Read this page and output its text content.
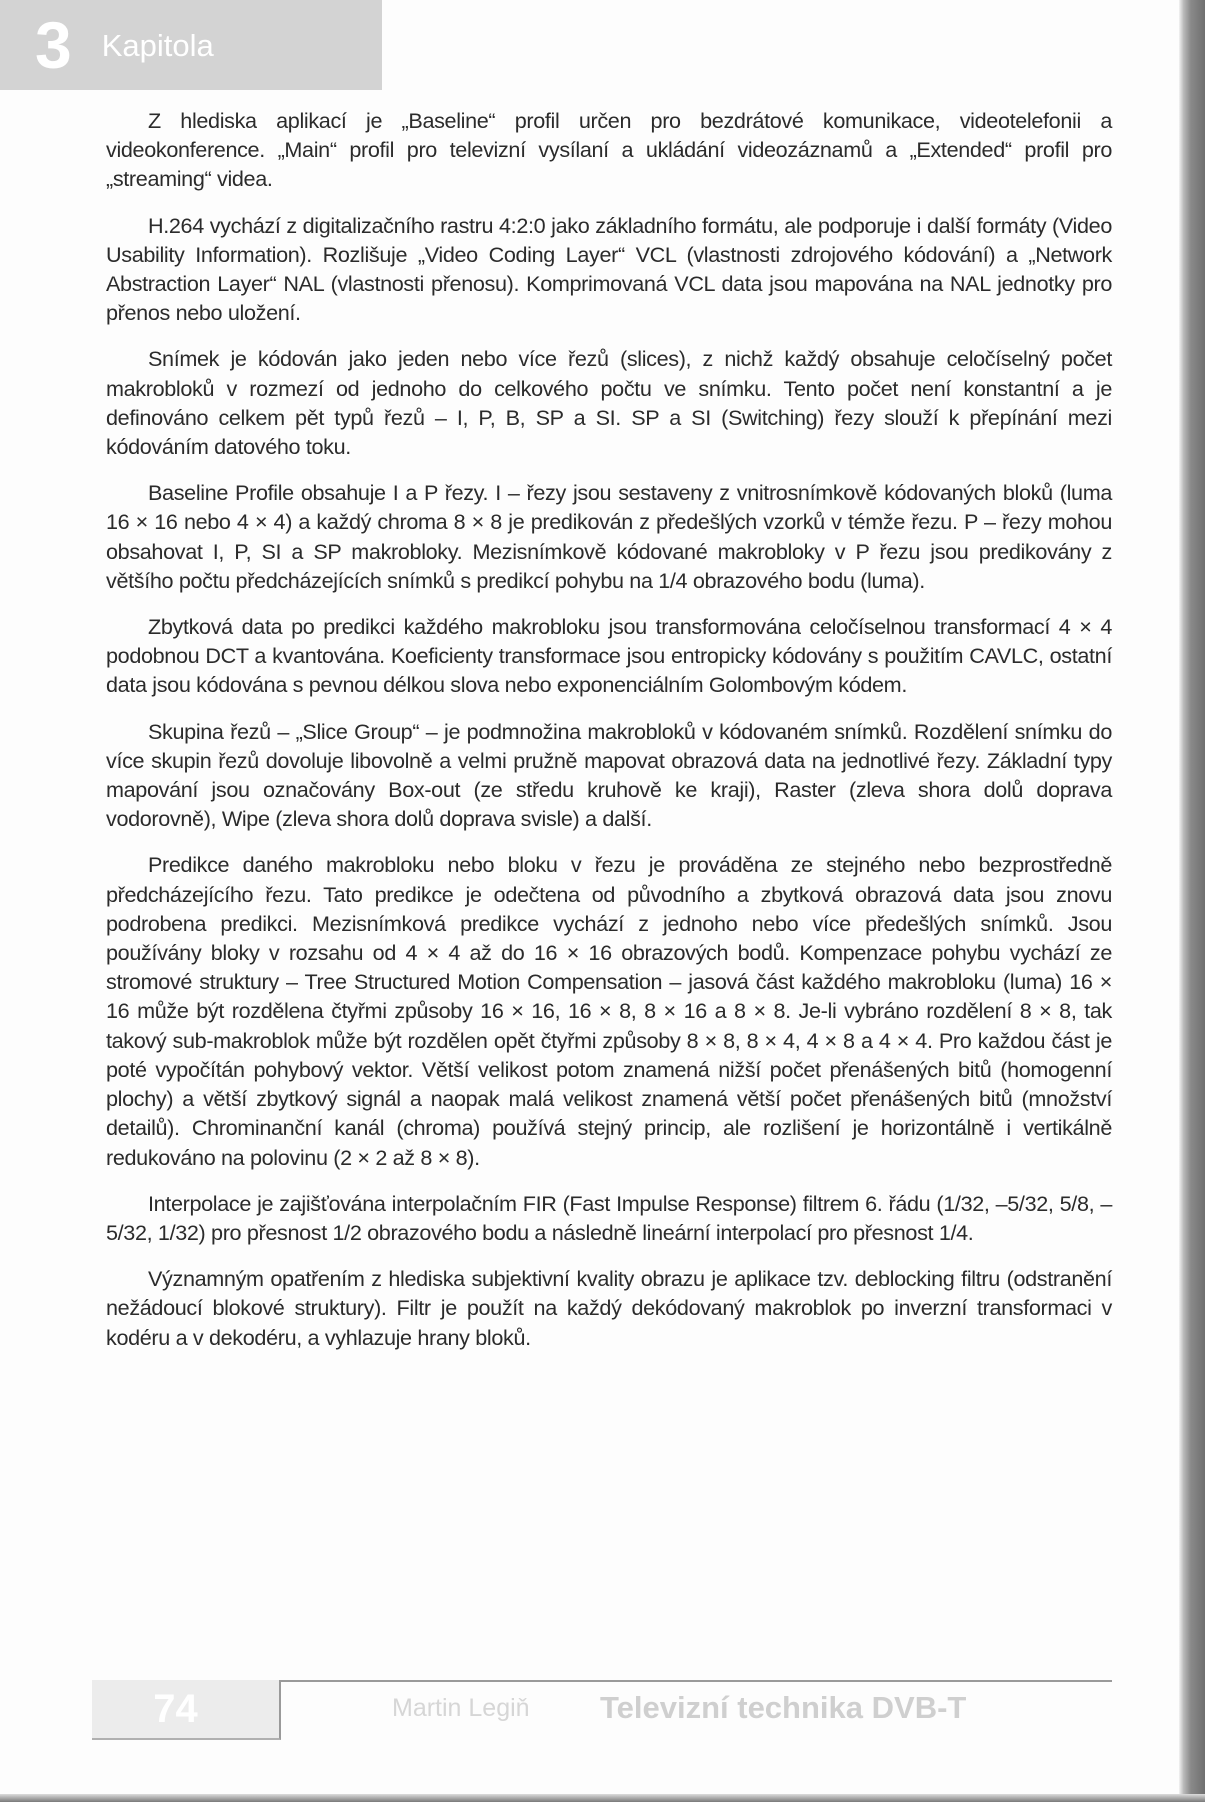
3 Kapitola

Z hlediska aplikací je „Baseline“ profil určen pro bezdrátové komunikace, videotelefonii a videokonference. „Main“ profil pro televizní vysílaní a ukládání videozáznamů a „Extended“ profil pro „streaming“ videa.

H.264 vychází z digitalizačního rastru 4:2:0 jako základního formátu, ale podporuje i další formáty (Video Usability Information). Rozlišuje „Video Coding Layer“ VCL (vlastnosti zdrojového kódování) a „Network Abstraction Layer“ NAL (vlastnosti přenosu). Komprimovaná VCL data jsou mapována na NAL jednotky pro přenos nebo uložení.

Snímek je kódován jako jeden nebo více řezů (slices), z nichž každý obsahuje celočíselný počet makrobloků v rozmezí od jednoho do celkového počtu ve snímku. Tento počet není konstantní a je definováno celkem pět typů řezů – I, P, B, SP a SI. SP a SI (Switching) řezy slouží k přepínání mezi kódováním datového toku.

Baseline Profile obsahuje I a P řezy. I – řezy jsou sestaveny z vnitrosnímkově kódovaných bloků (luma 16 × 16 nebo 4 × 4) a každý chroma 8 × 8 je predikován z předešlých vzorků v témže řezu. P – řezy mohou obsahovat I, P, SI a SP makrobloky. Mezisnímkově kódované makrobloky v P řezu jsou predikovány z většího počtu předcházejících snímků s predikcí pohybu na 1/4 obrazového bodu (luma).

Zbytková data po predikci každého makrobloku jsou transformována celočíselnou transformací 4 × 4 podobnou DCT a kvantována. Koeficienty transformace jsou entropicky kódovány s použitím CAVLC, ostatní data jsou kódována s pevnou délkou slova nebo exponenciálním Golombovým kódem.

Skupina řezů – „Slice Group“ – je podmnožina makrobloků v kódovaném snímků. Rozdělení snímku do více skupin řezů dovoluje libovolně a velmi pružně mapovat obrazová data na jednotlivé řezy. Základní typy mapování jsou označovány Box-out (ze středu kruhově ke kraji), Raster (zleva shora dolů doprava vodorovně), Wipe (zleva shora dolů doprava svisle) a další.

Predikce daného makrobloku nebo bloku v řezu je prováděna ze stejného nebo bezprostředně předcházejícího řezu. Tato predikce je odečtena od původního a zbytková obrazová data jsou znovu podrobena predikci. Mezisnímková predikce vychází z jednoho nebo více předešlých snímků. Jsou používány bloky v rozsahu od 4 × 4 až do 16 × 16 obrazových bodů. Kompenzace pohybu vychází ze stromové struktury – Tree Structured Motion Compensation – jasová část každého makrobloku (luma) 16 × 16 může být rozdělena čtyřmi způsoby 16 × 16, 16 × 8, 8 × 16 a 8 × 8. Je-li vybráno rozdělení 8 × 8, tak takový sub-makroblok může být rozdělen opět čtyřmi způsoby 8 × 8, 8 × 4, 4 × 8 a 4 × 4. Pro každou část je poté vypočítán pohybový vektor. Větší velikost potom znamená nižší počet přenášených bitů (homogenní plochy) a větší zbytkový signál a naopak malá velikost znamená větší počet přenášených bitů (množství detailů). Chrominanční kanál (chroma) používá stejný princip, ale rozlišení je horizontálně i vertikálně redukováno na polovinu (2 × 2 až 8 × 8).

Interpolace je zajišťována interpolačním FIR (Fast Impulse Response) filtrem 6. řádu (1/32, –5/32, 5/8, –5/32, 1/32) pro přesnost 1/2 obrazového bodu a následně lineární interpolací pro přesnost 1/4.

Významným opatřením z hlediska subjektivní kvality obrazu je aplikace tzv. deblocking filtru (odstranění nežádoucí blokové struktury). Filtr je použít na každý dekódovaný makroblok po inverzní transformaci v kodéru a v dekodéru, a vyhlazuje hrany bloků.

74	Martin Legiň Televizní technika DVB-T
